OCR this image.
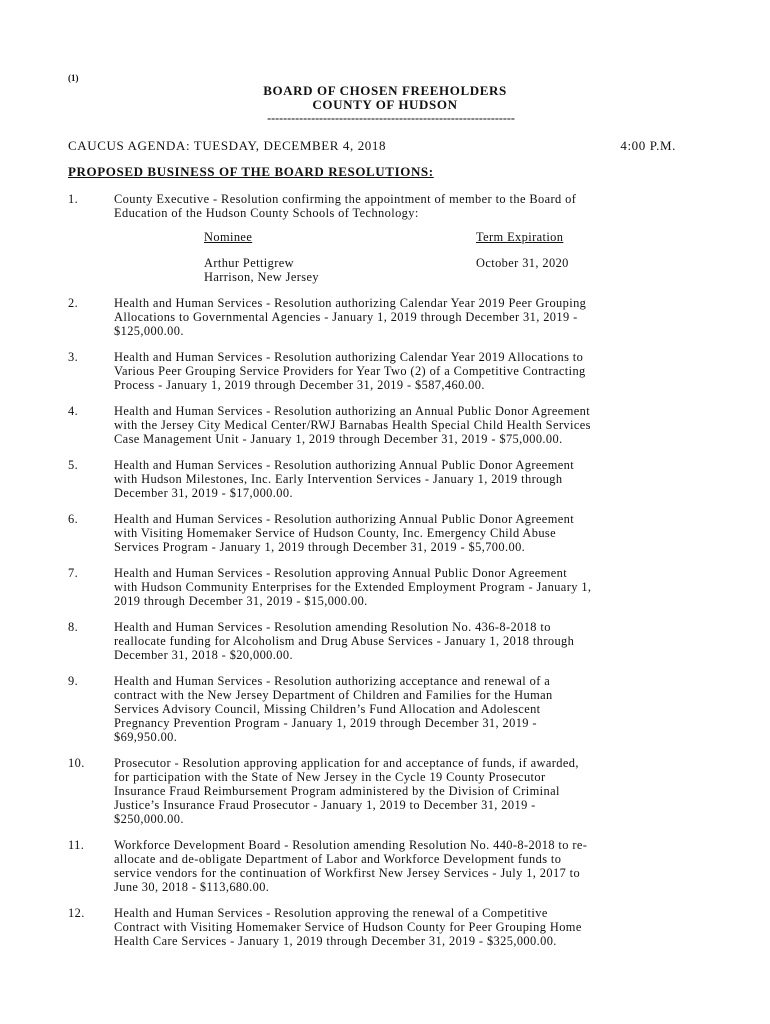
(1)
BOARD OF CHOSEN FREEHOLDERS
COUNTY OF HUDSON
--------------------------------------------------------------
CAUCUS AGENDA: TUESDAY, DECEMBER 4, 2018	4:00 P.M.
PROPOSED BUSINESS OF THE BOARD RESOLUTIONS:
1.	County Executive - Resolution confirming the appointment of member to the Board of
Education of the Hudson County Schools of Technology:
Nominee	Term Expiration
Arthur Pettigrew	October 31, 2020
Harrison, New Jersey
2.	Health and Human Services - Resolution authorizing Calendar Year 2019 Peer Grouping
Allocations to Governmental Agencies - January 1, 2019 through December 31, 2019 -
$125,000.00.
3.	Health and Human Services - Resolution authorizing Calendar Year 2019 Allocations to
Various Peer Grouping Service Providers for Year Two (2) of a Competitive Contracting
Process - January 1, 2019 through December 31, 2019 - $587,460.00.
4.	Health and Human Services - Resolution authorizing an Annual Public Donor Agreement
with the Jersey City Medical Center/RWJ Barnabas Health Special Child Health Services
Case Management Unit - January 1, 2019 through December 31, 2019 - $75,000.00.
5.	Health and Human Services - Resolution authorizing Annual Public Donor Agreement
with Hudson Milestones, Inc. Early Intervention Services - January 1, 2019 through
December 31, 2019 - $17,000.00.
6.	Health and Human Services - Resolution authorizing Annual Public Donor Agreement
with Visiting Homemaker Service of Hudson County, Inc. Emergency Child Abuse
Services Program - January 1, 2019 through December 31, 2019 - $5,700.00.
7.	Health and Human Services - Resolution approving Annual Public Donor Agreement
with Hudson Community Enterprises for the Extended Employment Program - January 1,
2019 through December 31, 2019 - $15,000.00.
8.	Health and Human Services - Resolution amending Resolution No. 436-8-2018 to
reallocate funding for Alcoholism and Drug Abuse Services - January 1, 2018 through
December 31, 2018 - $20,000.00.
9.	Health and Human Services - Resolution authorizing acceptance and renewal of a
contract with the New Jersey Department of Children and Families for the Human
Services Advisory Council, Missing Children’s Fund Allocation and Adolescent
Pregnancy Prevention Program - January 1, 2019 through December 31, 2019 -
$69,950.00.
10.	Prosecutor - Resolution approving application for and acceptance of funds, if awarded,
for participation with the State of New Jersey in the Cycle 19 County Prosecutor
Insurance Fraud Reimbursement Program administered by the Division of Criminal
Justice’s Insurance Fraud Prosecutor - January 1, 2019 to December 31, 2019 -
$250,000.00.
11.	Workforce Development Board - Resolution amending Resolution No. 440-8-2018 to re-
allocate and de-obligate Department of Labor and Workforce Development funds to
service vendors for the continuation of Workfirst New Jersey Services - July 1, 2017 to
June 30, 2018 - $113,680.00.
12.	Health and Human Services - Resolution approving the renewal of a Competitive
Contract with Visiting Homemaker Service of Hudson County for Peer Grouping Home
Health Care Services - January 1, 2019 through December 31, 2019 - $325,000.00.
